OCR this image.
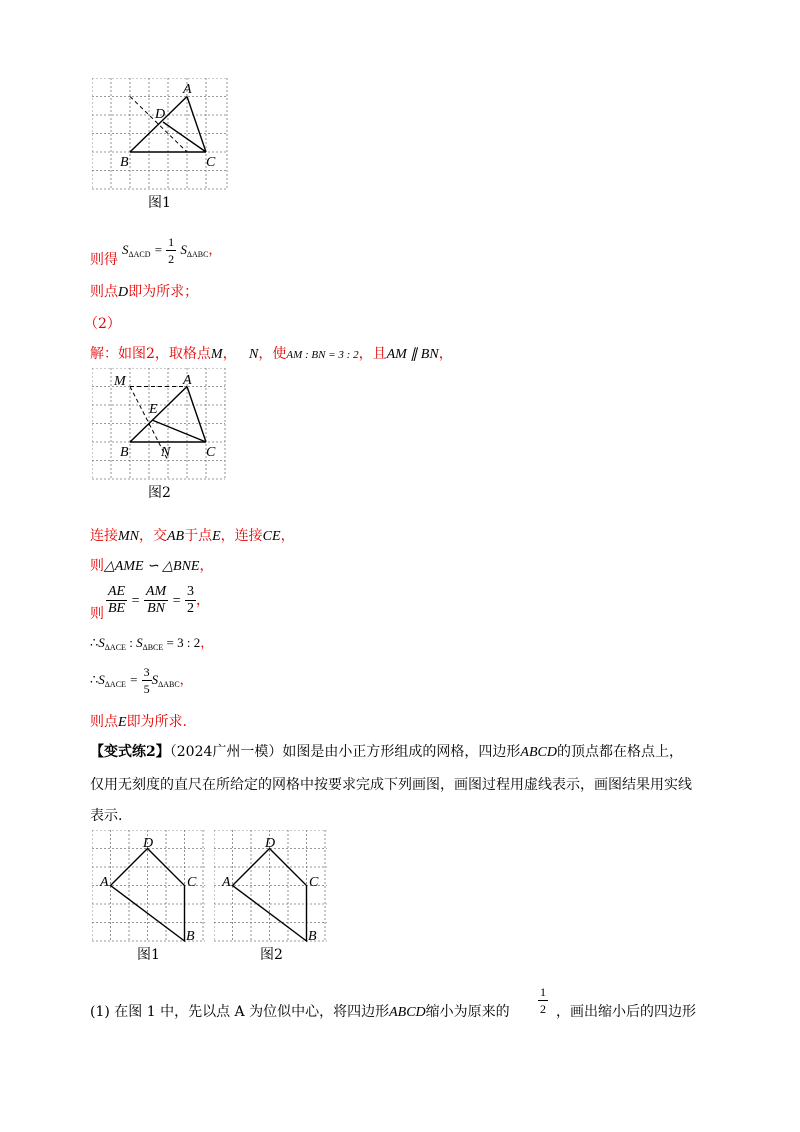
A
D
B	C
图1
则得
$S_{\Delta ACD} = \frac{1}{2} S_{\Delta ABC}$，
则点D即为所求；
（2）
解：如图2，取格点M， N，使AM : BN = 3 : 2，且AM ∥ BN，
M	A
E
B N	C
图2
连接MN，交AB于点E，连接CE，
则△AME ∽ △BNE，
则 $\frac{AE}{BE} = \frac{AM}{BN} = \frac{3}{2}$ ，
$\therefore S_{\Delta ACE}$ : $S_{\Delta BCE} = 3$ : 2，
$\therefore S_{\Delta ACE} = \frac{3}{5} S_{\Delta ABC}$，
则点E即为所求.
【变式练2】（2024广州一模）如图是由小正方形组成的网格，四边形ABCD的顶点都在格点上，
仅用无刻度的直尺在所给定的网格中按要求完成下列画图，画图过程用虚线表示，画图结果用实线
表示.
A
D
C
B
图1
A
D
C
B
图2
(1) 在图 1 中，先以点 A 为位似中心，将四边形ABCD缩小为原来的 $\frac{1}{2}$ ，画出缩小后的四边形
